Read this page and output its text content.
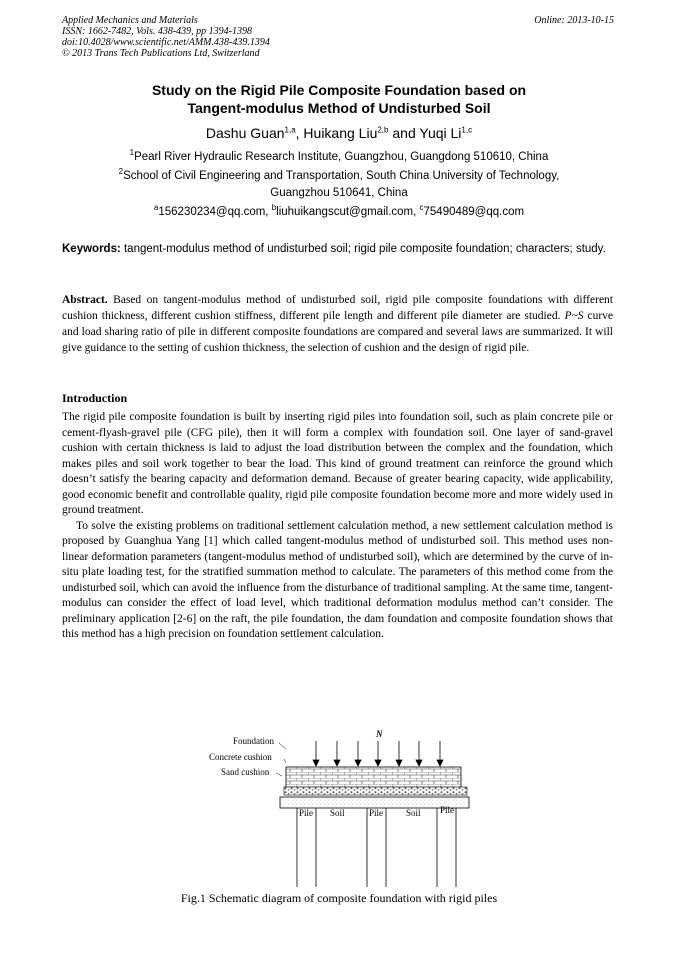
Applied Mechanics and Materials
ISSN: 1662-7482, Vols. 438-439, pp 1394-1398
doi:10.4028/www.scientific.net/AMM.438-439.1394
© 2013 Trans Tech Publications Ltd, Switzerland
Online: 2013-10-15
Study on the Rigid Pile Composite Foundation based on
Tangent-modulus Method of Undisturbed Soil
Dashu Guan$^{1,a}$, Huikang Liu$^{2,b}$ and Yuqi Li$^{1,c}$
$^1$Pearl River Hydraulic Research Institute, Guangzhou, Guangdong 510610, China
$^2$School of Civil Engineering and Transportation, South China University of Technology,
Guangzhou 510641, China
$^a$156230234@qq.com, $^b$liuhuikangscut@gmail.com, $^c$75490489@qq.com
Keywords: tangent-modulus method of undisturbed soil; rigid pile composite foundation; characters; study.
Abstract. Based on tangent-modulus method of undisturbed soil, rigid pile composite foundations with different cushion thickness, different cushion stiffness, different pile length and different pile diameter are studied. P~S curve and load sharing ratio of pile in different composite foundations are compared and several laws are summarized. It will give guidance to the setting of cushion thickness, the selection of cushion and the design of rigid pile.
Introduction

The rigid pile composite foundation is built by inserting rigid piles into foundation soil, such as plain concrete pile or cement-flyash-gravel pile (CFG pile), then it will form a complex with foundation soil. One layer of sand-gravel cushion with certain thickness is laid to adjust the load distribution between the complex and the foundation, which makes piles and soil work together to bear the load. This kind of ground treatment can reinforce the ground which doesn’t satisfy the bearing capacity and deformation demand. Because of greater bearing capacity, wide applicability, good economic benefit and controllable quality, rigid pile composite foundation become more and more widely used in ground treatment.

To solve the existing problems on traditional settlement calculation method, a new settlement calculation method is proposed by Guanghua Yang [1] which called tangent-modulus method of undisturbed soil. This method uses non-linear deformation parameters (tangent-modulus method of undisturbed soil), which are determined by the curve of in-situ plate loading test, for the stratified summation method to calculate. The parameters of this method come from the undisturbed soil, which can avoid the influence from the disturbance of traditional sampling. At the same time, tangent-modulus can consider the effect of load level, which traditional deformation modulus method can’t consider. The preliminary application [2-6] on the raft, the pile foundation, the dam foundation and composite foundation shows that this method has a high precision on foundation settlement calculation.

N
Foundation
Concrete cushion
Sand cushion
Pile Soil	Pile	Soil Pile
Fig.1 Schematic diagram of composite foundation with rigid piles
